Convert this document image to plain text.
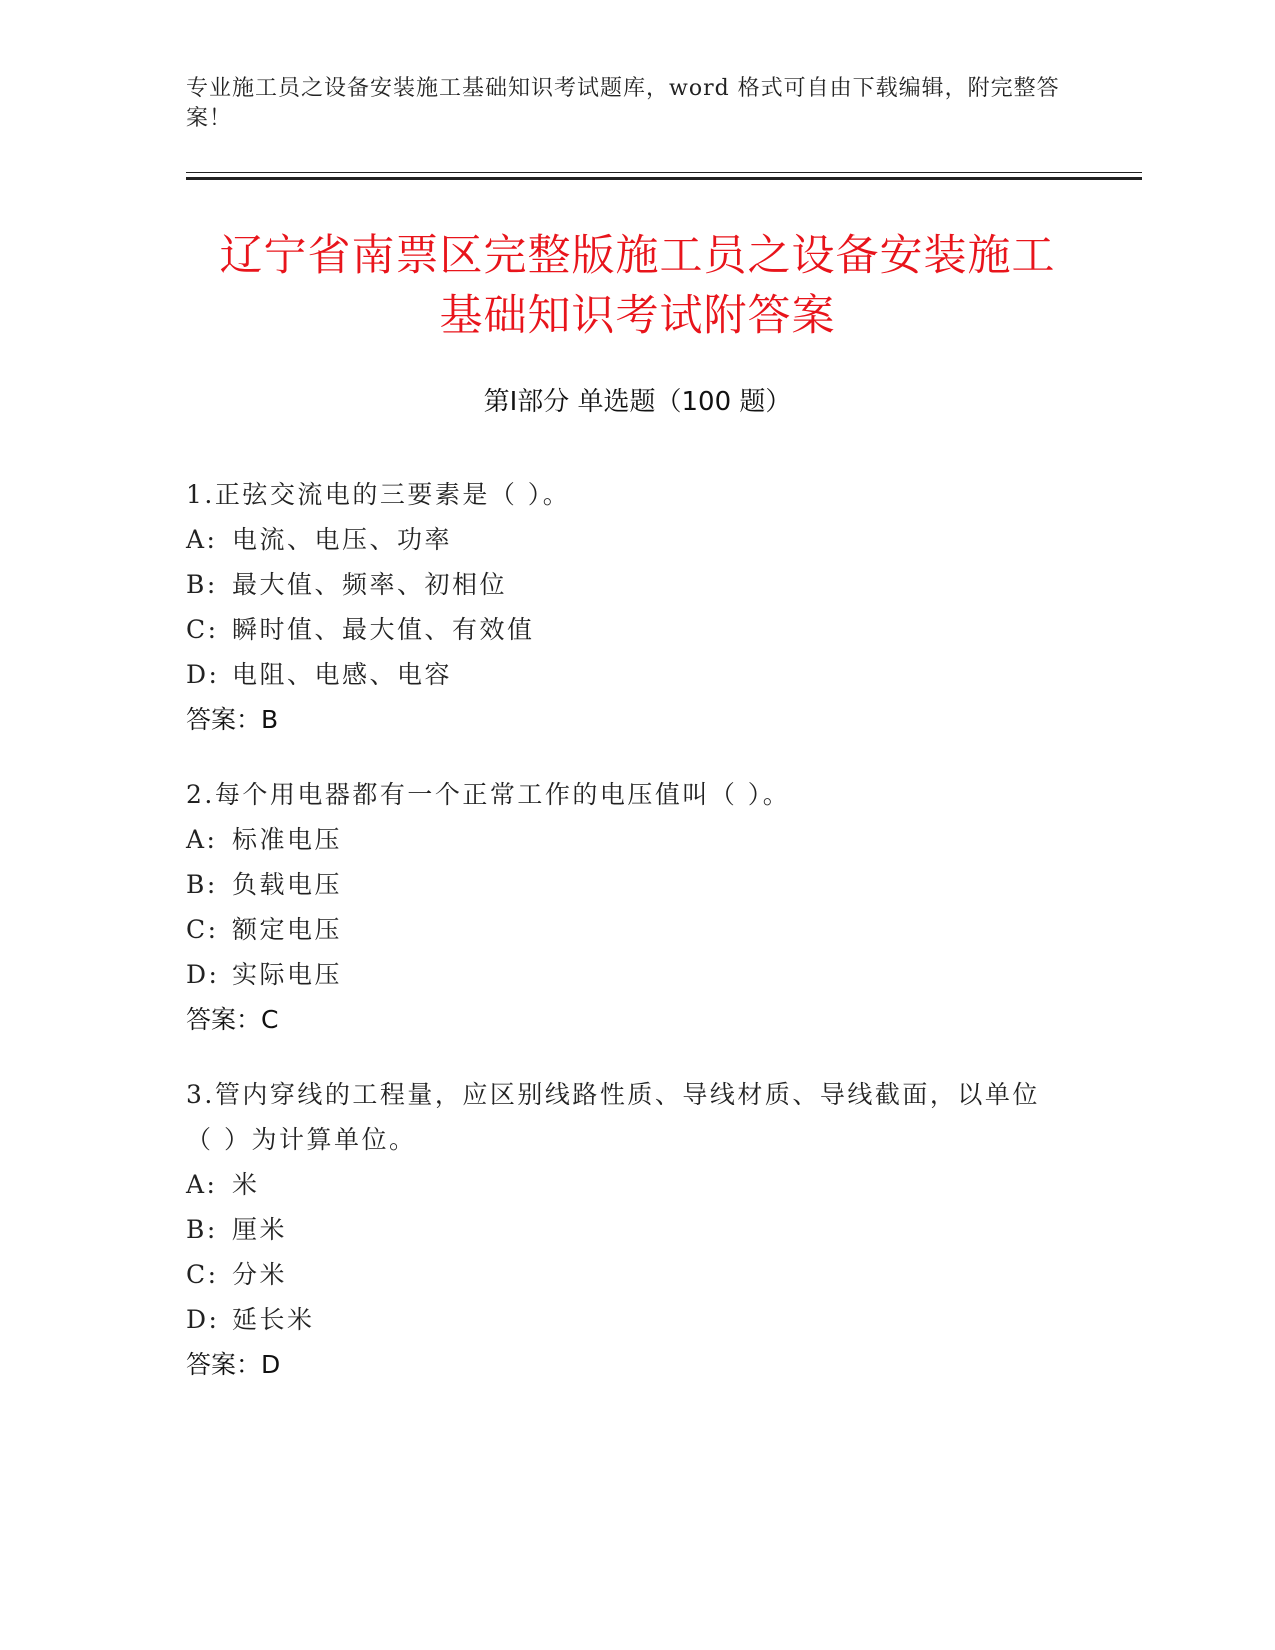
专业施工员之设备安装施工基础知识考试题库，word 格式可自由下载编辑，附完整答案！
辽宁省南票区完整版施工员之设备安装施工
基础知识考试附答案
第Ⅰ部分 单选题（100 题）
1.正弦交流电的三要素是（ ）。
A: 电流、电压、功率
B: 最大值、频率、初相位
C: 瞬时值、最大值、有效值
D: 电阻、电感、电容
答案：B
2.每个用电器都有一个正常工作的电压值叫（ ）。
A: 标准电压
B: 负载电压
C: 额定电压
D: 实际电压
答案：C
3.管内穿线的工程量，应区别线路性质、导线材质、导线截面，以单位（ ）为计算单位。
A: 米
B: 厘米
C: 分米
D: 延长米
答案：D
